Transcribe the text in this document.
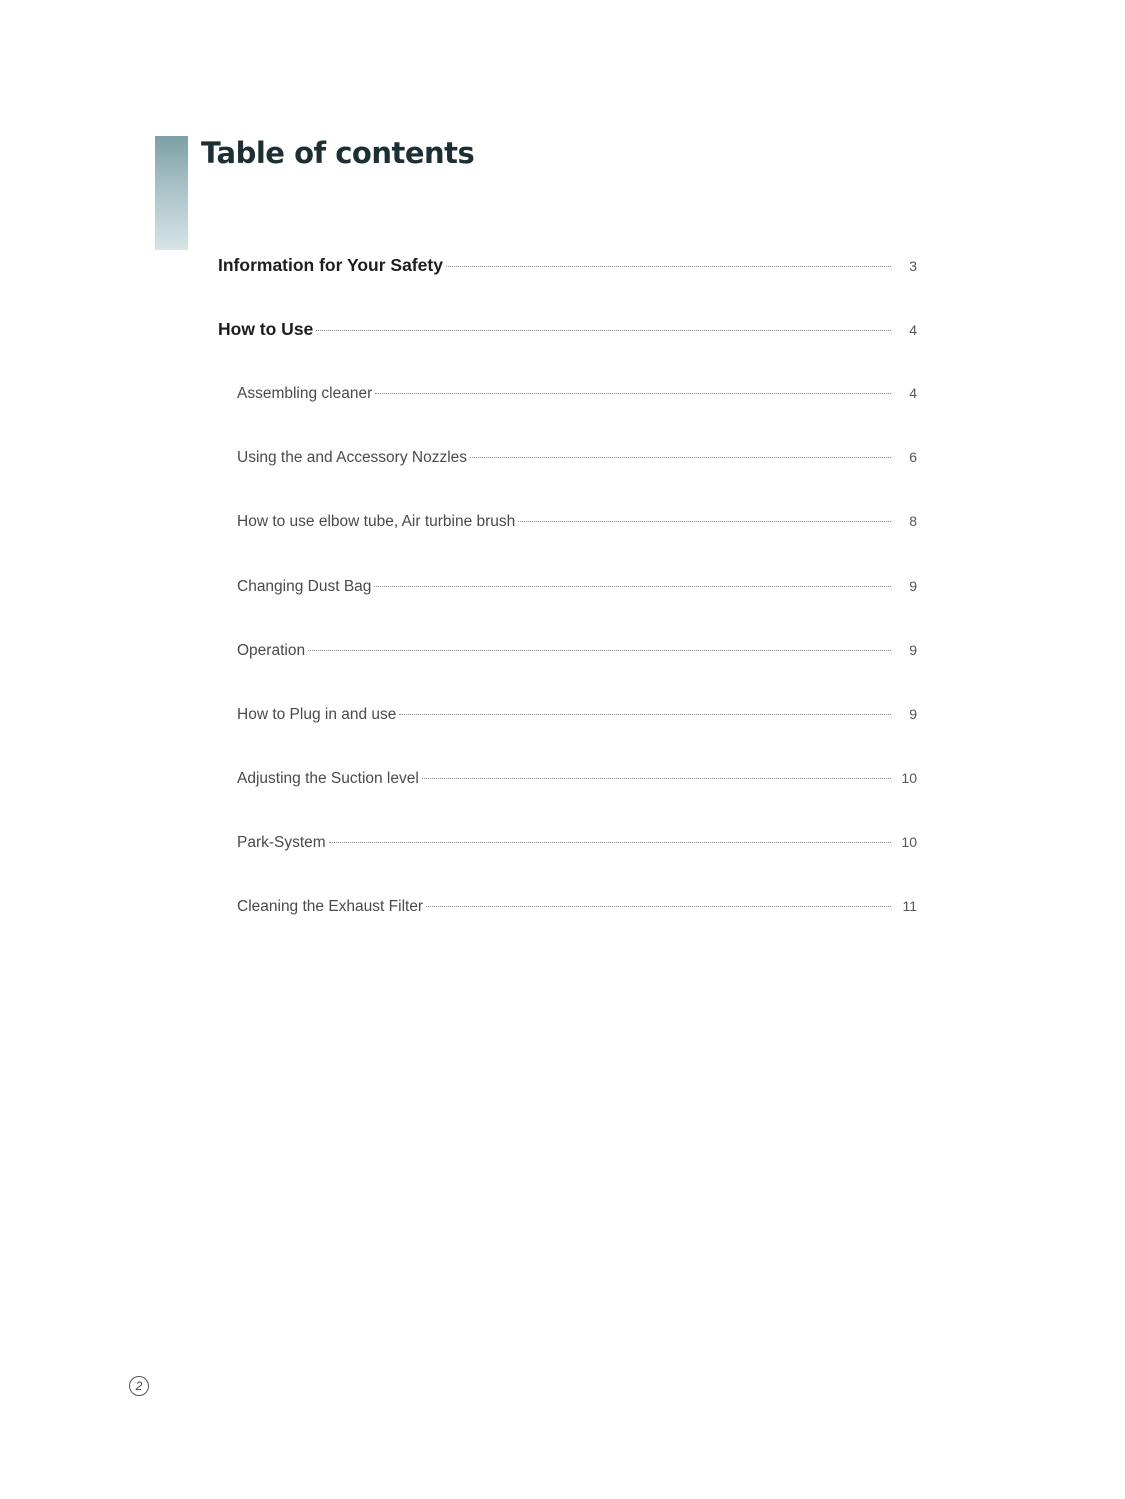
Table of contents
Information for Your Safety	3
How to Use	4
Assembling cleaner	4
Using the and Accessory Nozzles	6
How to use elbow tube, Air turbine brush	8
Changing Dust Bag	9
Operation	9
How to Plug in and use	9
Adjusting the Suction level	10
Park-System	10
Cleaning the Exhaust Filter	11
2
